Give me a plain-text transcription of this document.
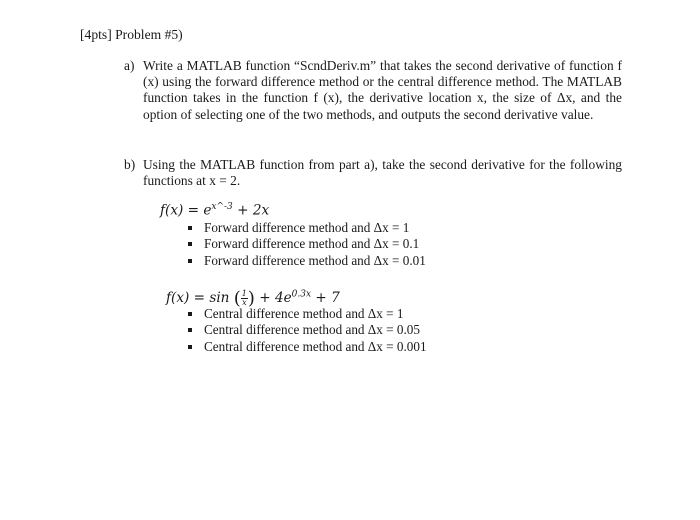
[4pts] Problem #5)
a) Write a MATLAB function “ScndDeriv.m” that takes the second derivative of function f (x) using the forward difference method or the central difference method. The MATLAB function takes in the function f (x), the derivative location x, the size of Δx, and the option of selecting one of the two methods, and outputs the second derivative value.
b) Using the MATLAB function from part a), take the second derivative for the following functions at x = 2.
$f(x) = e^{x\^{}-3} + 2x$
Forward difference method and Δx = 1
Forward difference method and Δx = 0.1
Forward difference method and Δx = 0.01
f(x) = sin ( $\frac{1}{x}$ ) + $4e^{0.3x} + 7$
Central difference method and Δx = 1
Central difference method and Δx = 0.05
Central difference method and Δx = 0.001
